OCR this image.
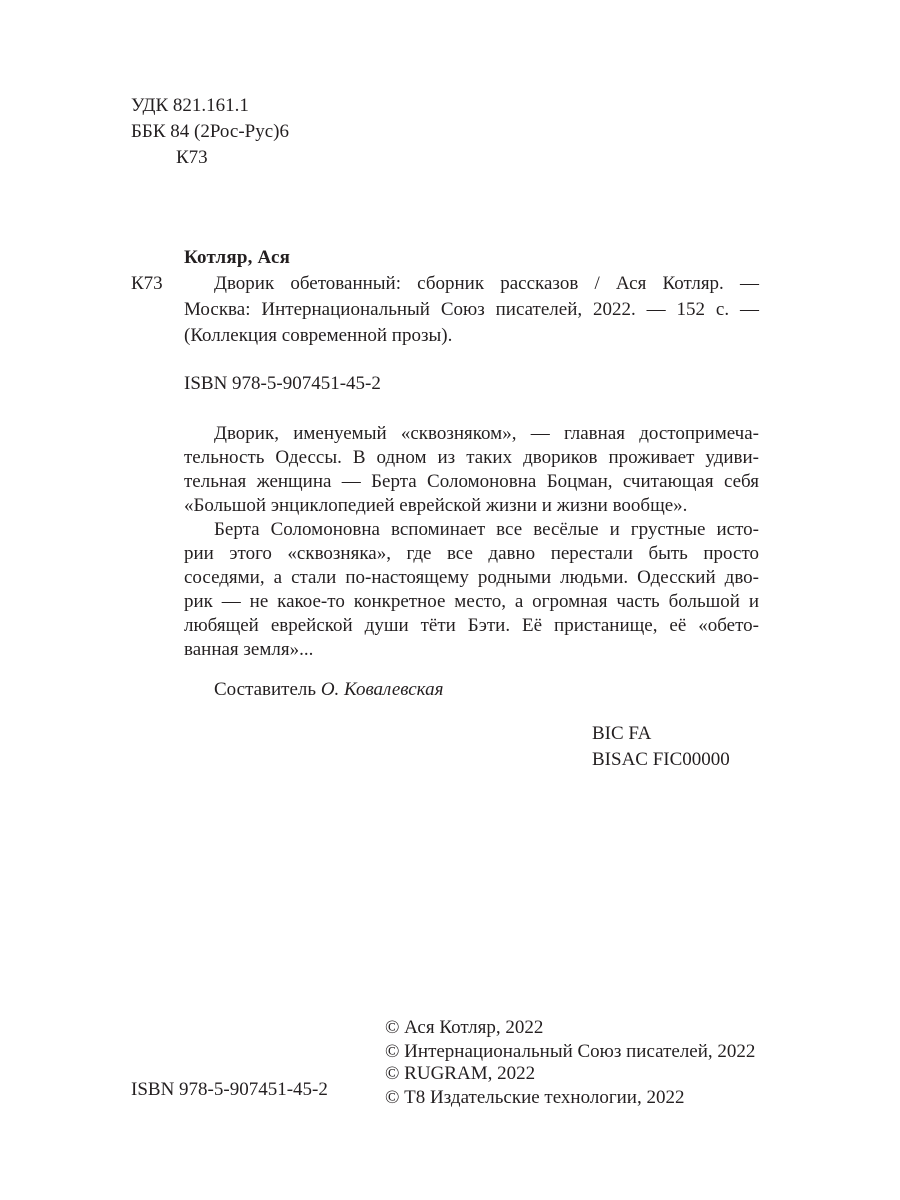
УДК 821.161.1
ББК 84 (2Рос-Рус)6
К73
Котляр, Ася
К73	Дворик обетованный: сборник рассказов / Ася Котляр. —
Москва: Интернациональный Союз писателей, 2022. — 152 с. —
(Коллекция современной прозы).
ISBN 978-5-907451-45-2
Дворик, именуемый «сквозняком», — главная достопримеча-
тельность Одессы. В одном из таких двориков проживает удиви-
тельная женщина — Берта Соломоновна Боцман, считающая себя
«Большой энциклопедией еврейской жизни и жизни вообще».
Берта Соломоновна вспоминает все весёлые и грустные исто-
рии этого «сквозняка», где все давно перестали быть просто
соседями, а стали по-настоящему родными людьми. Одесский дво-
рик — не какое-то конкретное место, а огромная часть большой и
любящей еврейской души тёти Бэти. Её пристанище, её «обето-
ванная земля»...
Составитель О. Ковалевская
BIC FA
BISAC FIC00000
ISBN 978-5-907451-45-2
© Ася Котляр, 2022
© Интернациональный Союз писателей, 2022
© RUGRAM, 2022
© Т8 Издательские технологии, 2022
